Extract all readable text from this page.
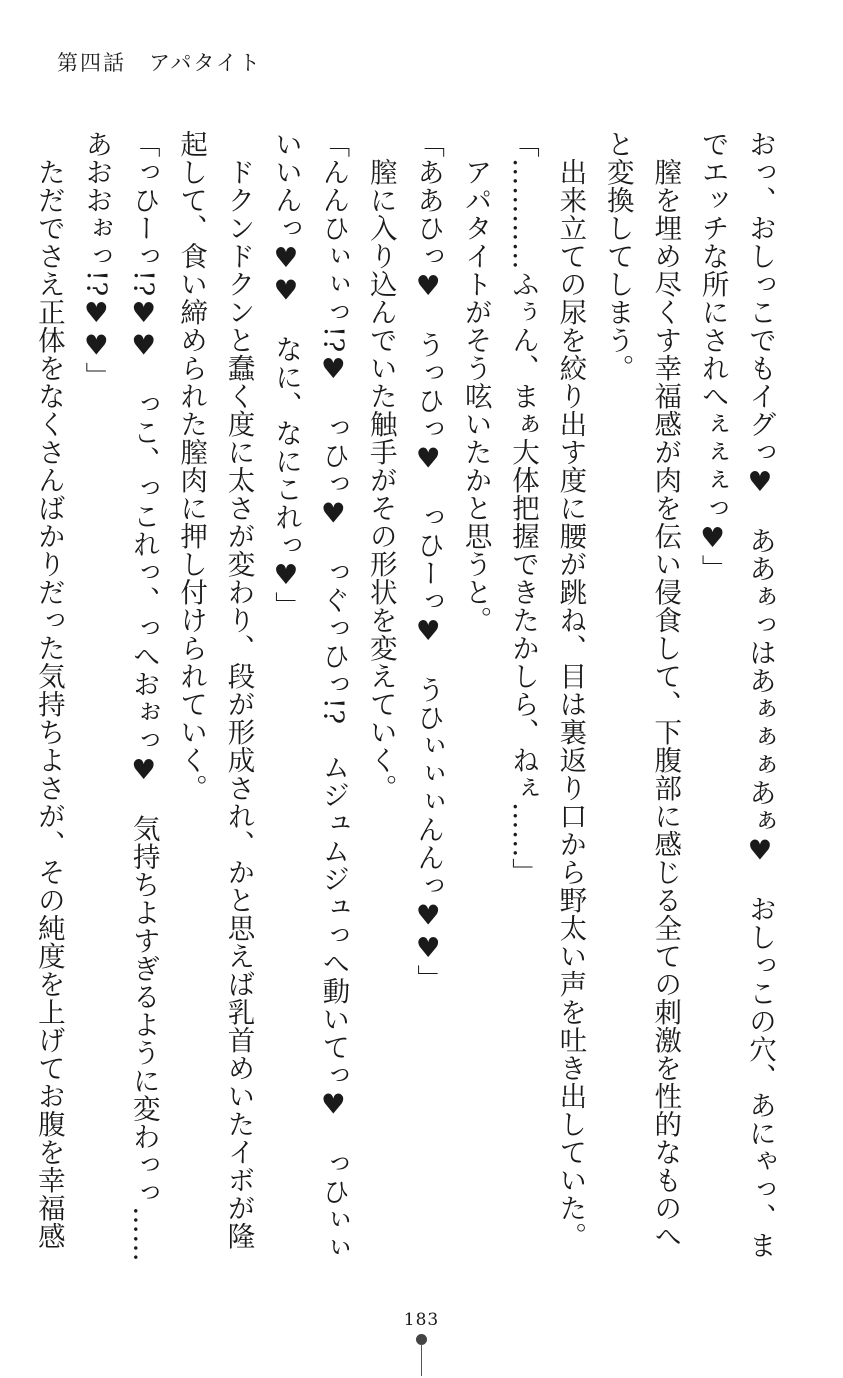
第四話　アパタイト
おっ、おしっこでもイグっ♥　ああぁっはあぁぁぁあぁ♥　おしっこの穴、あにゃっ、ま
でエッチな所にされへぇぇぇっ♥」
膣を埋め尽くす幸福感が肉を伝い侵食して、下腹部に感じる全ての刺激を性的なものへ
と変換してしまう。
出来立ての尿を絞り出す度に腰が跳ね、目は裏返り口から野太い声を吐き出していた。
「…………ふぅん、まぁ大体把握できたかしら、ねぇ……」
アパタイトがそう呟いたかと思うと。
「ああひっ♥　うっひっ♥　っひーっ♥　うひぃぃぃんんっ♥♥」
膣に入り込んでいた触手がその形状を変えていく。
「んんひぃぃっ!?♥　っひっ♥　っぐっひっ!?　ムジュムジュっへ動いてっ♥　っひぃぃ
いいんっ♥♥　なに、なにこれっ♥」
ドクンドクンと蠢く度に太さが変わり、段が形成され、かと思えば乳首めいたイボが隆
起して、食い締められた膣肉に押し付けられていく。
「っひーっ!?♥♥　っこ、っこれっ、っへおぉっ♥　気持ちよすぎるように変わっっ……
あおおぉっ!?♥♥」
ただでさえ正体をなくさんばかりだった気持ちよさが、その純度を上げてお腹を幸福感
183
